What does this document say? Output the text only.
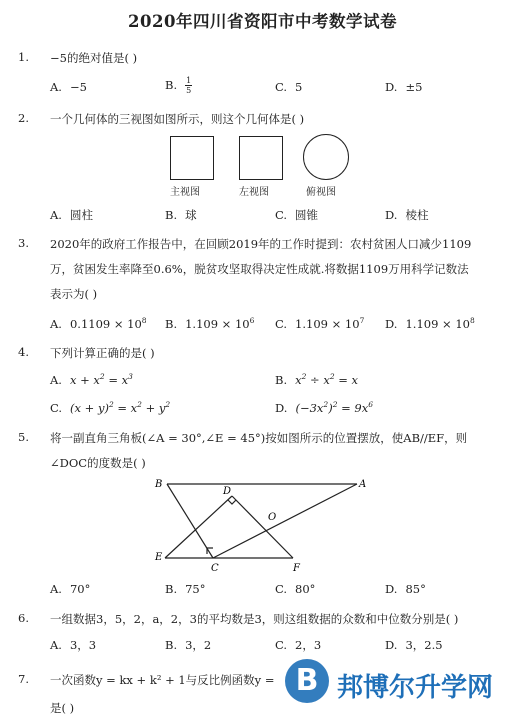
2020年四川省资阳市中考数学试卷
1. −5的绝对值是( )
A. −5	B. $\frac{1}{5}$	C. 5	D. ±5
2. 一个几何体的三视图如图所示，则这个几何体是( )
主视图	左视图	俯视图
A. 圆柱	B. 球	C. 圆锥	D. 棱柱
3. 2020年的政府工作报告中，在回顾2019年的工作时提到：农村贫困人口减少1109
万，贫困发生率降至0.6%，脱贫攻坚取得决定性成就.将数据1109万用科学记数法
表示为( )
A. $0.1109 \times 10^8$ B. $1.109 \times 10^6$ C. $1.109 \times 10^7$ D. $1.109 \times 10^8$
4. 下列计算正确的是( )
A. $x + x^2 = x^3$	B. $x^2 \div x^2 = x$
C. $(x + y)^2 = x^2 + y^2$	D. $(-3x^2)^2 = 9x^6$
5. 将一副直角三角板(∠A = 30°,∠E = 45°)按如图所示的位置摆放，使AB//EF，则
∠DOC的度数是( )
B
D
A
O
E
C	F
A. 70°	B. 75°	C. 80°	D. 85°
6. 一组数据3，5，2，a，2，3的平均数是3，则这组数据的众数和中位数分别是( )
A. 3，3	B. 3，2	C. 2，3	D. 3，2.5
7. 一次函数y = kx + k² + 1与反比例函数y =
是( )
B 邦博尔升学网
